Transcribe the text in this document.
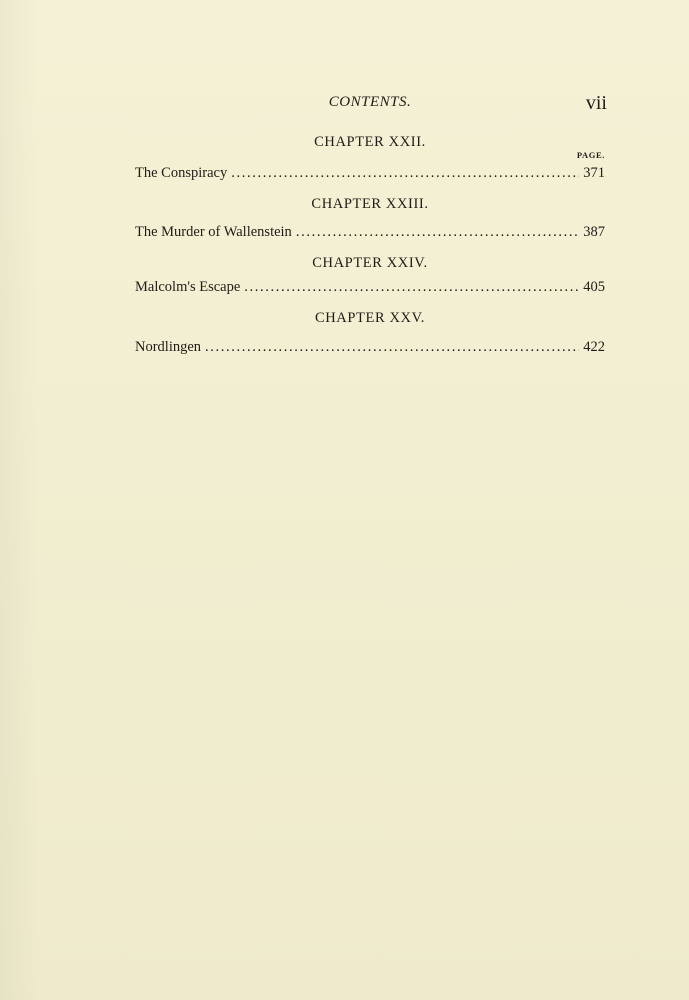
CONTENTS.	vii
CHAPTER XXII.
PAGE.
The Conspiracy . . .	371
CHAPTER XXIII.
The Murder of Wallenstein . . .	387
CHAPTER XXIV.
Malcolm's Escape . . .	405
CHAPTER XXV.
Nordlingen . . .	422
